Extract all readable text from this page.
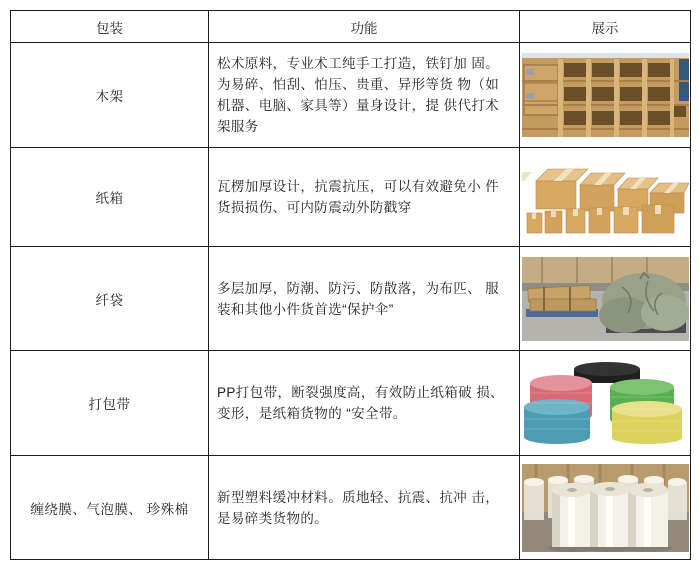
包装	功能	展示
木架	松术原料，专业术工纯手工打造，铁钉加 固。为易碎、怕刮、怕压、贵重、异形等货 物（如机器、电脑、家具等）量身设计，提 供代打术架服务	

纸箱	瓦楞加厚设计，抗震抗压，可以有效避免小 件货损损伤、可内防震动外防戳穿	

纤袋	多层加厚，防潮、防污、防散落，为布匹、 服装和其他小件货首选“保护伞”	

打包带	PP打包带，断裂强度高，有效防止纸箱破 损、变形，是纸箱货物的 “安全带。	

缠绕膜、气泡膜、 珍殊棉	新型塑料缓冲材料。质地轻、抗震、抗冲 击，是易碎类货物的。	
